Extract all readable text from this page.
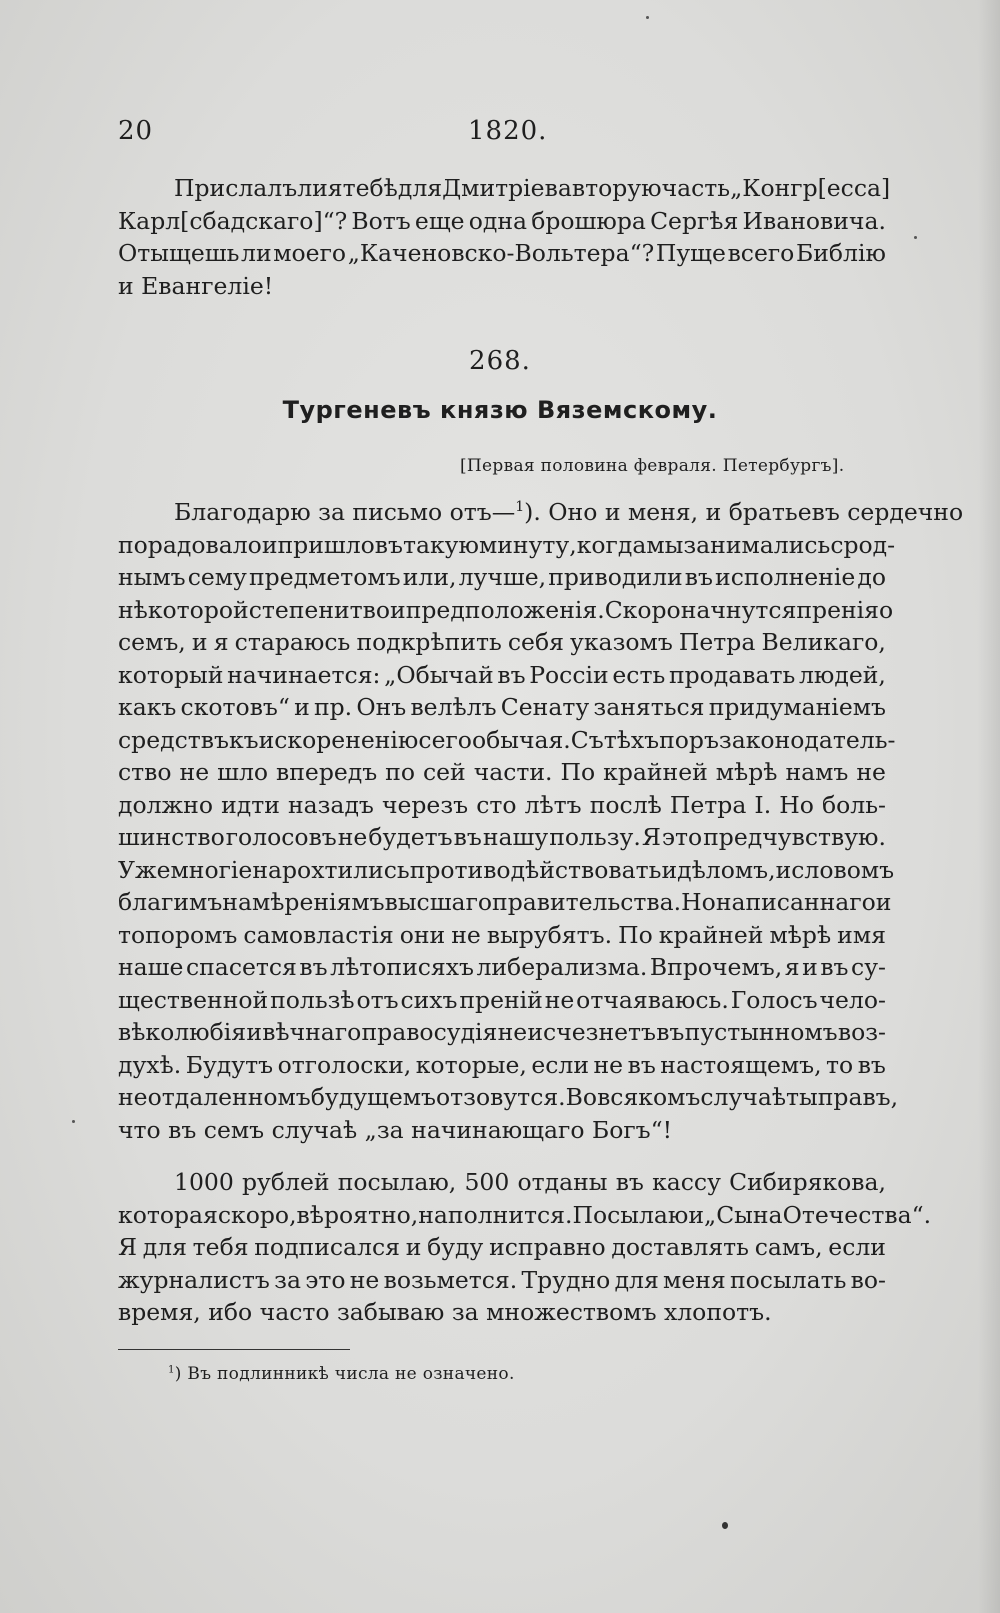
20	1820.
Прислалъ ли я тебѣ для Дмитріева вторую часть „Конгр[есса]
Карл[сбадскаго]“? Вотъ еще одна брошюра Сергѣя Ивановича.
Отыщешь ли моего „Каченовско-Вольтера“? Пуще всего Библію
и Евангеліе!
268.
Тургеневъ князю Вяземскому.
[Первая половина февраля. Петербургъ].
Благодарю за письмо отъ—$^1$). Оно и меня, и братьевъ сердечно
порадовало и пришло въ такую минуту, когда мы занимались срод-
нымъ сему предметомъ или, лучше, приводили въ исполненіе до
нѣкоторой степени твои предположенія. Скоро начнутся пренія о
семъ, и я стараюсь подкрѣпить себя указомъ Петра Великаго,
который начинается: „Обычай въ Россіи есть продавать людей,
какъ скотовъ“ и пр. Онъ велѣлъ Сенату заняться придуманіемъ
средствъ къ искорененію сего обычая. Съ тѣхъ поръ законодатель-
ство не шло впередъ по сей части. По крайней мѣрѣ намъ не
должно идти назадъ черезъ сто лѣтъ послѣ Петра I. Но боль-
шинство голосовъ не будетъ въ нашу пользу. Я это предчувствую.
Уже многіе нарохтились противодѣйствовать и дѣломъ, и словомъ
благимъ намѣреніямъ высшаго правительства. Но написаннаго и
топоромъ самовластія они не вырубятъ. По крайней мѣрѣ имя
наше спасется въ лѣтописяхъ либерализма. Впрочемъ, я и въ су-
щественной пользѣ отъ сихъ преній не отчаяваюсь. Голосъ чело-
вѣколюбія и вѣчнаго правосудія не исчезнетъ въ пустынномъ воз-
духѣ. Будутъ отголоски, которые, если не въ настоящемъ, то въ
неотдаленномъ будущемъ отзовутся. Во всякомъ случаѣ ты правъ,
что въ семъ случаѣ „за начинающаго Богъ“!
1000 рублей посылаю, 500 отданы въ кассу Сибирякова,
которая скоро, вѣроятно, наполнится. Посылаю и „Сына Отечества“.
Я для тебя подписался и буду исправно доставлять самъ, если
журналистъ за это не возьмется. Трудно для меня посылать во-
время, ибо часто забываю за множествомъ хлопотъ.
$^1$) Въ подлинникѣ числа не означено.
